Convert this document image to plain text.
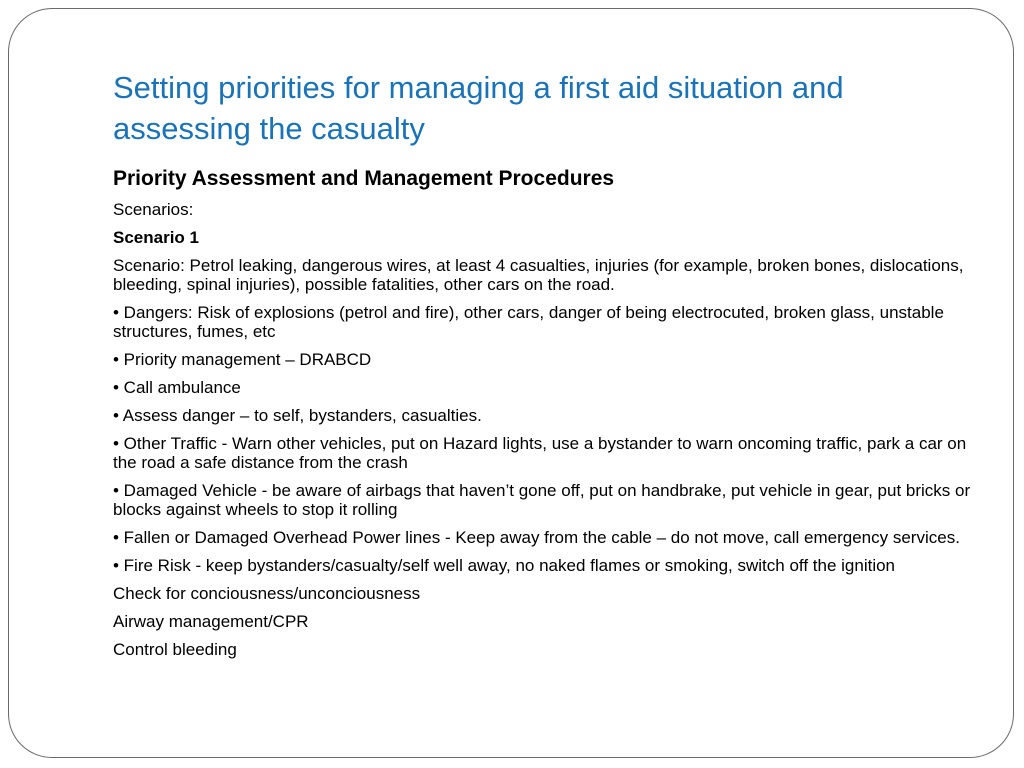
Setting priorities for managing a first aid situation and assessing the casualty

Priority Assessment and Management Procedures

Scenarios:

Scenario 1

Scenario: Petrol leaking, dangerous wires, at least 4 casualties, injuries (for example, broken bones, dislocations, bleeding, spinal injuries), possible fatalities, other cars on the road.

• Dangers: Risk of explosions (petrol and fire), other cars, danger of being electrocuted, broken glass, unstable structures, fumes, etc

• Priority management – DRABCD

• Call ambulance

• Assess danger – to self, bystanders, casualties.

• Other Traffic - Warn other vehicles, put on Hazard lights, use a bystander to warn oncoming traffic, park a car on the road a safe distance from the crash

• Damaged Vehicle - be aware of airbags that haven’t gone off, put on handbrake, put vehicle in gear, put bricks or blocks against wheels to stop it rolling

• Fallen or Damaged Overhead Power lines - Keep away from the cable – do not move, call emergency services.

• Fire Risk - keep bystanders/casualty/self well away, no naked flames or smoking, switch off the ignition

Check for conciousness/unconciousness

Airway management/CPR

Control bleeding
